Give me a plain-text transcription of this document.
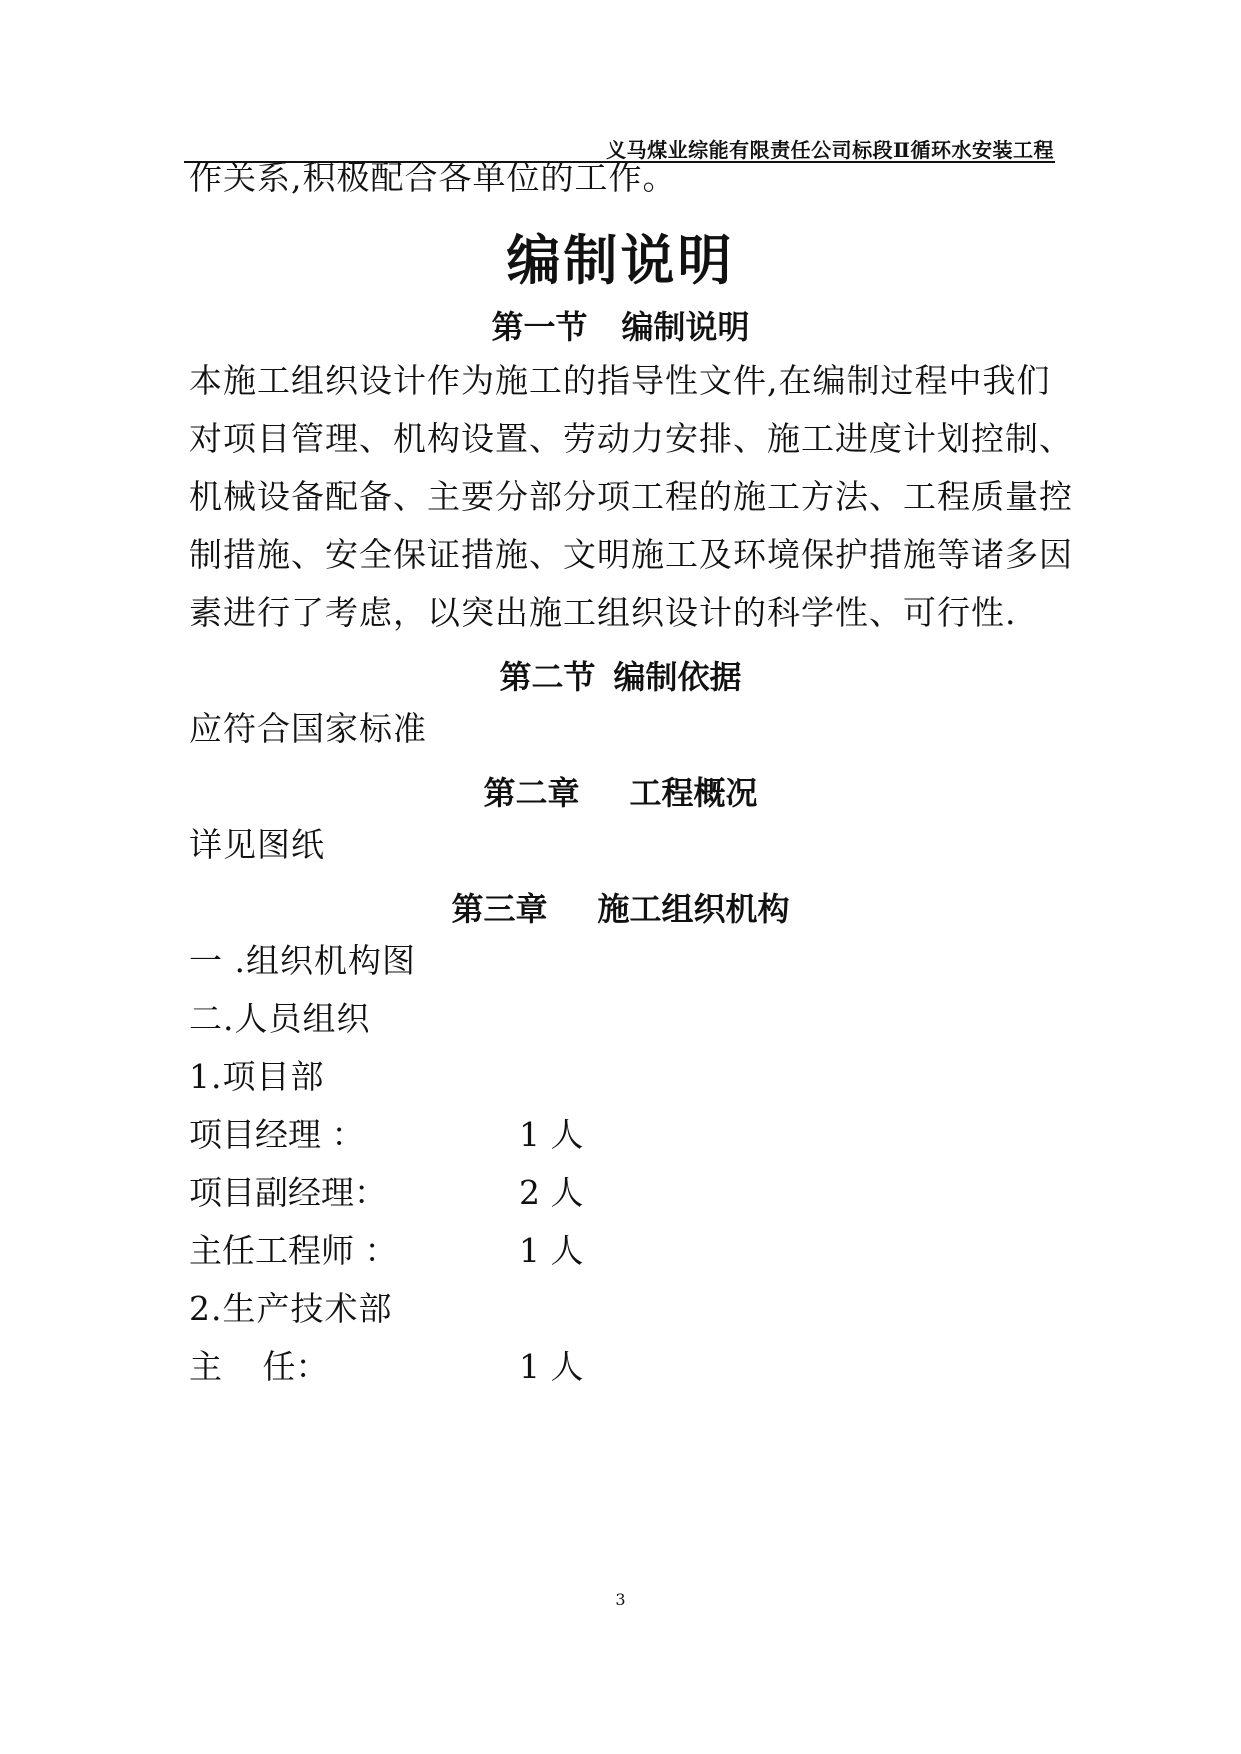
义马煤业综能有限责任公司标段Ⅱ循环水安装工程
作关系,积极配合各单位的工作。
编制说明
第一节 编制说明
本施工组织设计作为施工的指导性文件,在编制过程中我们
对项目管理、机构设置、劳动力安排、施工进度计划控制、
机械设备配备、主要分部分项工程的施工方法、工程质量控
制措施、安全保证措施、文明施工及环境保护措施等诸多因
素进行了考虑，以突出施工组织设计的科学性、可行性.
第二节 编制依据
应符合国家标准
第二章 工程概况
详见图纸
第三章 施工组织机构
一 .组织机构图
二.人员组织
1.项目部
项目经理 ：	1 人
项目副经理：	2 人
主任工程师 ：	1 人
2.生产技术部
主 任：	1 人
3
